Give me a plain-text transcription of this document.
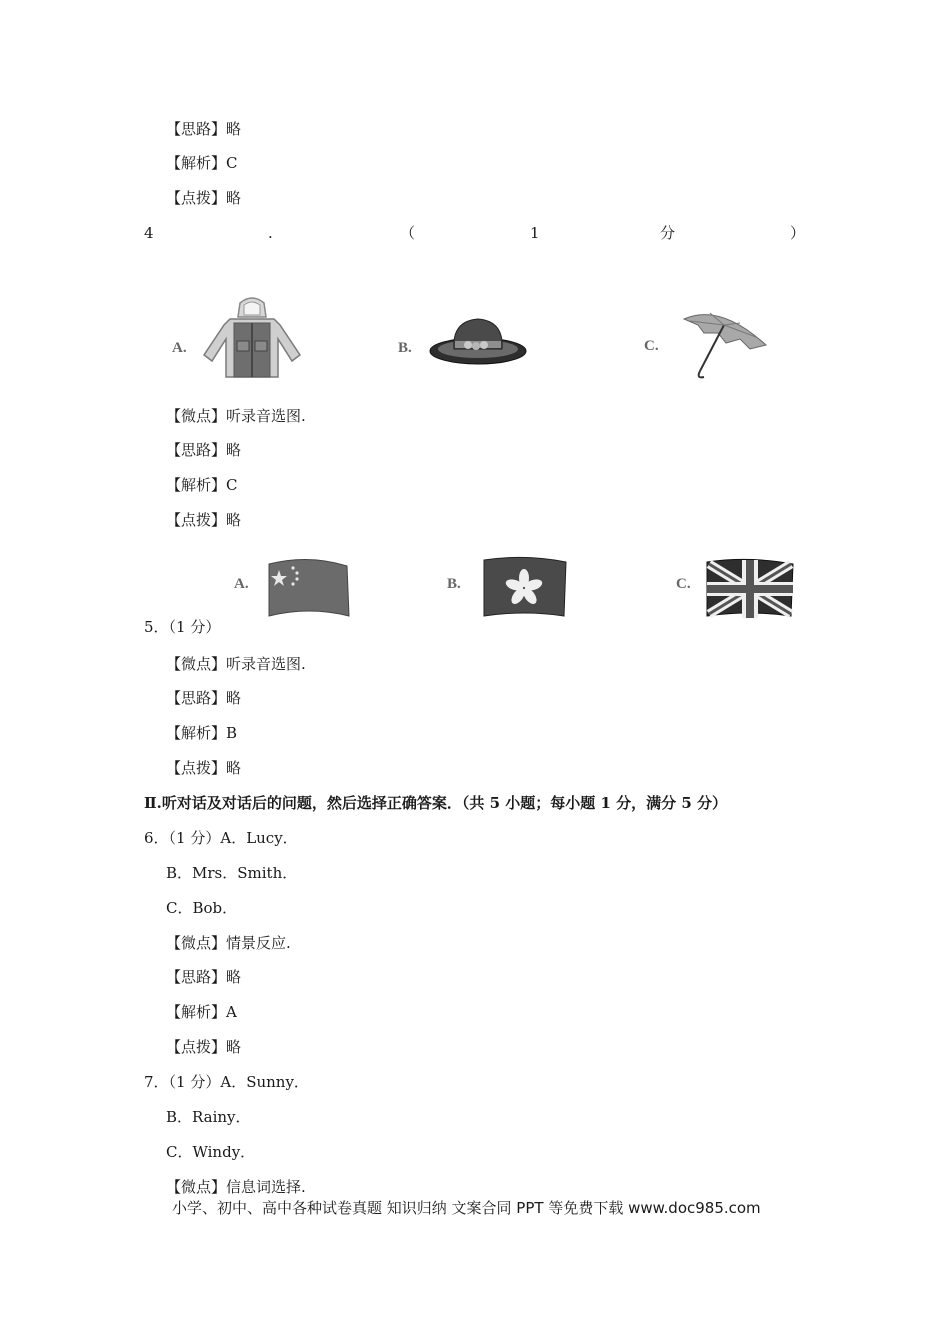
【思路】略
【解析】C
【点拨】略
4	.	（	1	分	）
A.	B.	C.
【微点】听录音选图.
【思路】略
【解析】C
【点拨】略
A.	B.	C.
5．（1 分）
【微点】听录音选图.
【思路】略
【解析】B
【点拨】略
Ⅱ.听对话及对话后的问题，然后选择正确答案．（共 5 小题；每小题 1 分，满分 5 分）
6．（1 分）A．Lucy．
B．Mrs．Smith．
C．Bob．
【微点】情景反应.
【思路】略
【解析】A
【点拨】略
7．（1 分）A．Sunny．
B．Rainy．
C．Windy．
【微点】信息词选择.
小学、初中、高中各种试卷真题 知识归纳 文案合同 PPT 等免费下载 www.doc985.com
